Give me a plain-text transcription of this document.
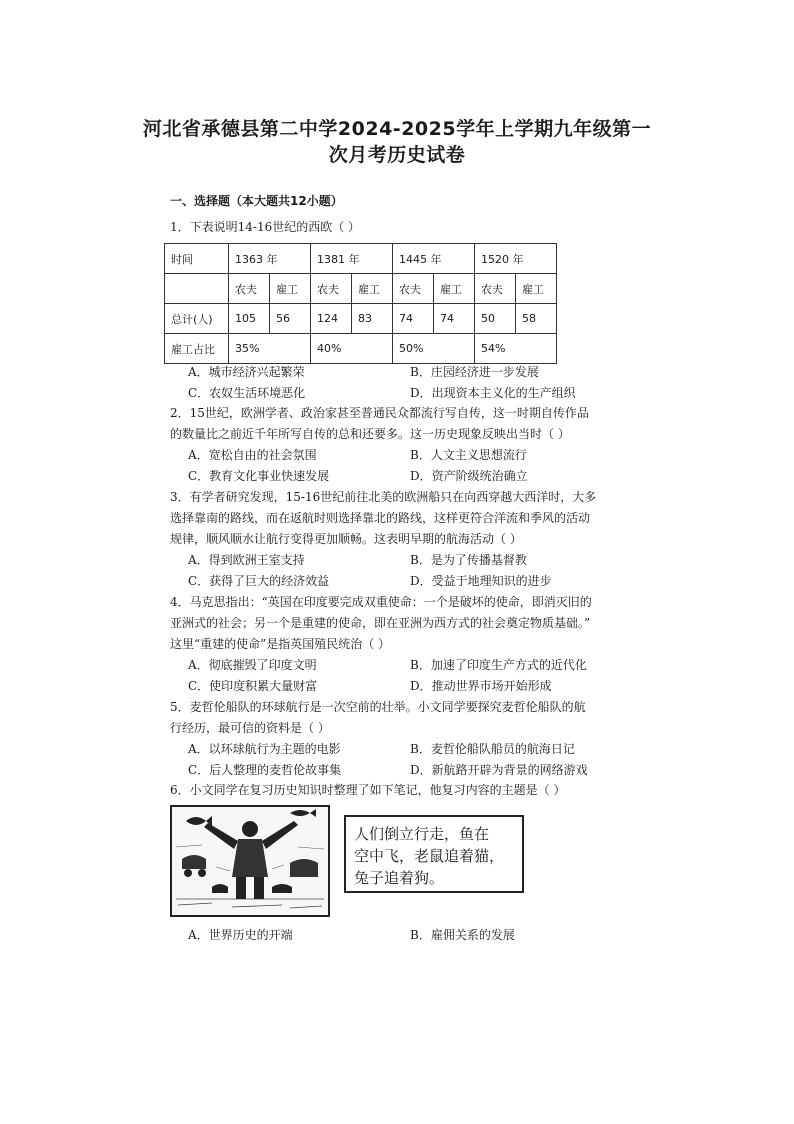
河北省承德县第二中学2024-2025学年上学期九年级第一
次月考历史试卷
一、选择题（本大题共12小题）
1．下表说明14-16世纪的西欧（ ）
时间	1363 年		1381 年		1445 年		1520 年	
	农夫	雇工	农夫	雇工	农夫	雇工	农夫	雇工
总计(人)	105	56	124	83	74	74	50	58
雇工占比	35%		40%		50%		54%	
A．城市经济兴起繁荣	B．庄园经济进一步发展
C．农奴生活环境恶化	D．出现资本主义化的生产组织
2．15世纪，欧洲学者、政治家甚至普通民众都流行写自传，这一时期自传作品
的数量比之前近千年所写自传的总和还要多。这一历史现象反映出当时（ ）
A．宽松自由的社会氛围	B．人文主义思想流行
C．教育文化事业快速发展	D．资产阶级统治确立
3．有学者研究发现，15-16世纪前往北美的欧洲船只在向西穿越大西洋时，大多
选择靠南的路线，而在返航时则选择靠北的路线，这样更符合洋流和季风的活动
规律，顺风顺水让航行变得更加顺畅。这表明早期的航海活动（ ）
A．得到欧洲王室支持	B．是为了传播基督教
C．获得了巨大的经济效益	D．受益于地理知识的进步
4．马克思指出：“英国在印度要完成双重使命：一个是破坏的使命，即消灭旧的
亚洲式的社会；另一个是重建的使命，即在亚洲为西方式的社会奠定物质基础。”
这里“重建的使命”是指英国殖民统治（ ）
A．彻底摧毁了印度文明	B．加速了印度生产方式的近代化
C．使印度积累大量财富	D．推动世界市场开始形成
5．麦哲伦船队的环球航行是一次空前的壮举。小文同学要探究麦哲伦船队的航
行经历，最可信的资料是（ ）
A．以环球航行为主题的电影	B．麦哲伦船队船员的航海日记
C．后人整理的麦哲伦故事集	D．新航路开辟为背景的网络游戏
6．小文同学在复习历史知识时整理了如下笔记，他复习内容的主题是（ ）
人们倒立行走，鱼在
空中飞，老鼠追着猫，
兔子追着狗。
A．世界历史的开端	B．雇佣关系的发展
